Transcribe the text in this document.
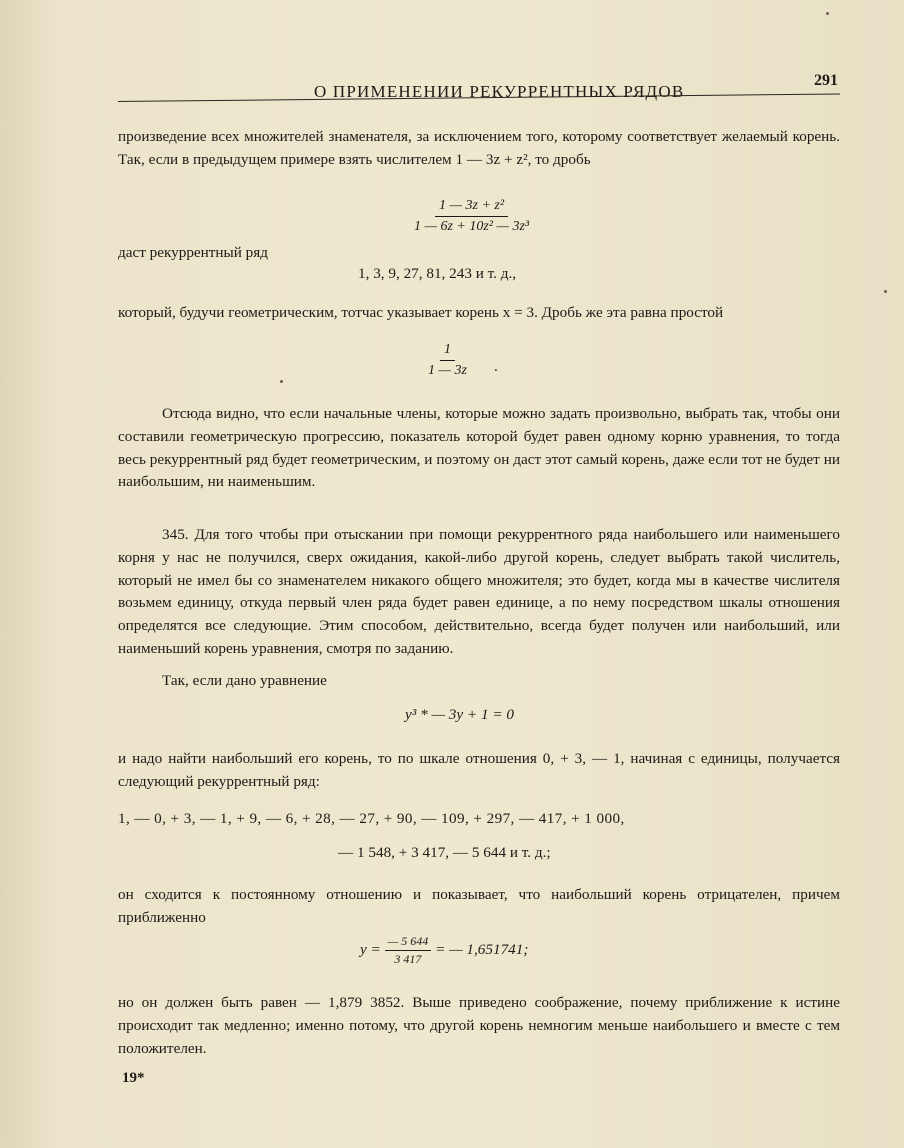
О ПРИМЕНЕНИИ РЕКУРРЕНТНЫХ РЯДОВ
291

произведение всех множителей знаменателя, за исключением того, которому соответствует желаемый корень. Так, если в предыдущем примере взять числителем 1 — 3z + z², то дробь

$\frac{\text{1 — 3z + z²}}{\text{1 — 6z + 10z² — 3z³}}$

даст рекуррентный ряд

1, 3, 9, 27, 81, 243 и т. д.,

который, будучи геометрическим, тотчас указывает корень x = 3. Дробь же эта равна простой

$\frac{1}{1 — 3z}$ .

Отсюда видно, что если начальные члены, которые можно задать произвольно, выбрать так, чтобы они составили геометрическую прогрессию, показатель которой будет равен одному корню уравнения, то тогда весь рекуррентный ряд будет геометрическим, и поэтому он даст этот самый корень, даже если тот не будет ни наибольшим, ни наименьшим.

345. Для того чтобы при отыскании при помощи рекуррентного ряда наибольшего или наименьшего корня у нас не получился, сверх ожидания, какой-либо другой корень, следует выбрать такой числитель, который не имел бы со знаменателем никакого общего множителя; это будет, когда мы в качестве числителя возьмем единицу, откуда первый член ряда будет равен единице, а по нему посредством шкалы отношения определятся все следующие. Этим способом, действительно, всегда будет получен или наибольший, или наименьший корень уравнения, смотря по заданию.

Так, если дано уравнение

y³ * — 3y + 1 = 0

и надо найти наибольший его корень, то по шкале отношения 0, + 3, — 1, начиная с единицы, получается следующий рекуррентный ряд:

1, — 0, + 3, — 1, + 9, — 6, + 28, — 27, + 90, — 109, + 297, — 417, + 1 000,

— 1 548, + 3 417, — 5 644 и т. д.;

он сходится к постоянному отношению и показывает, что наибольший корень отрицателен, причем приближенно

$y = \frac{— 5 644}{3 417}$ = — 1,651741;

но он должен быть равен — 1,879 3852. Выше приведено соображение, почему приближение к истине происходит так медленно; именно потому, что другой корень немногим меньше наибольшего и вместе с тем положителен.

19*
